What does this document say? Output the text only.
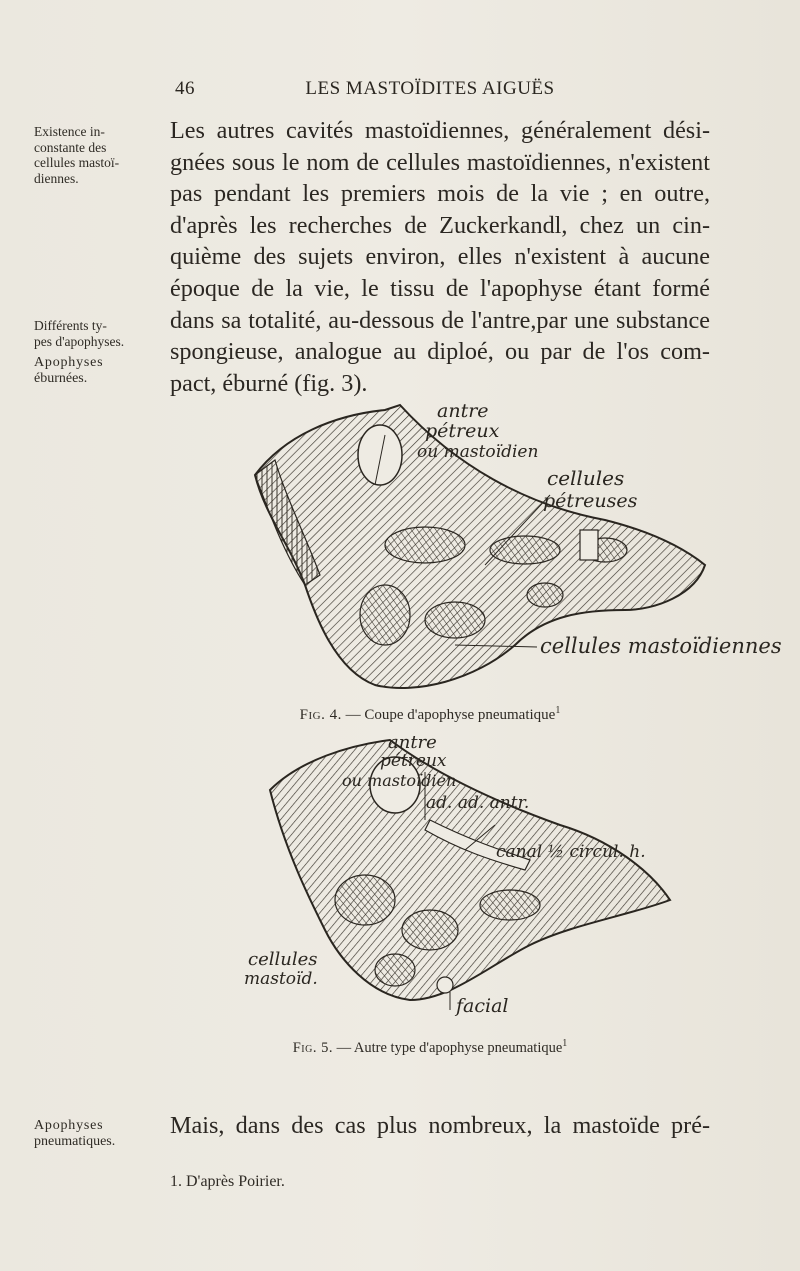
46	LES MASTOÏDITES AIGUËS
Existence in-
constante des
cellules mastoï-
diennes.
Différents ty-
pes d'apophyses.
Apophyses
éburnées.
Apophyses
pneumatiques.
Les autres cavités mastoïdiennes, généralement dési-
gnées sous le nom de cellules mastoïdiennes, n'existent
pas pendant les premiers mois de la vie ; en outre,
d'après les recherches de Zuckerkandl, chez un cin-
quième des sujets environ, elles n'existent à aucune
époque de la vie, le tissu de l'apophyse étant formé
dans sa totalité, au-dessous de l'antre,par une substance
spongieuse, analogue au diploé, ou par de l'os com-
pact, éburné (fig. 3).
antre
pétreux
ou mastoïdien
cellules
pétreuses
cellules mastoïdiennes
Fig. 4. — Coupe d'apophyse pneumatique$^1$
antre
pétreux
ou mastoïdien
ad. ad. antr.
canal ½ circul. h.
cellules
mastoïd.
facial
Fig. 5. — Autre type d'apophyse pneumatique$^1$
Mais, dans des cas plus nombreux, la mastoïde pré-
1. D'après Poirier.
